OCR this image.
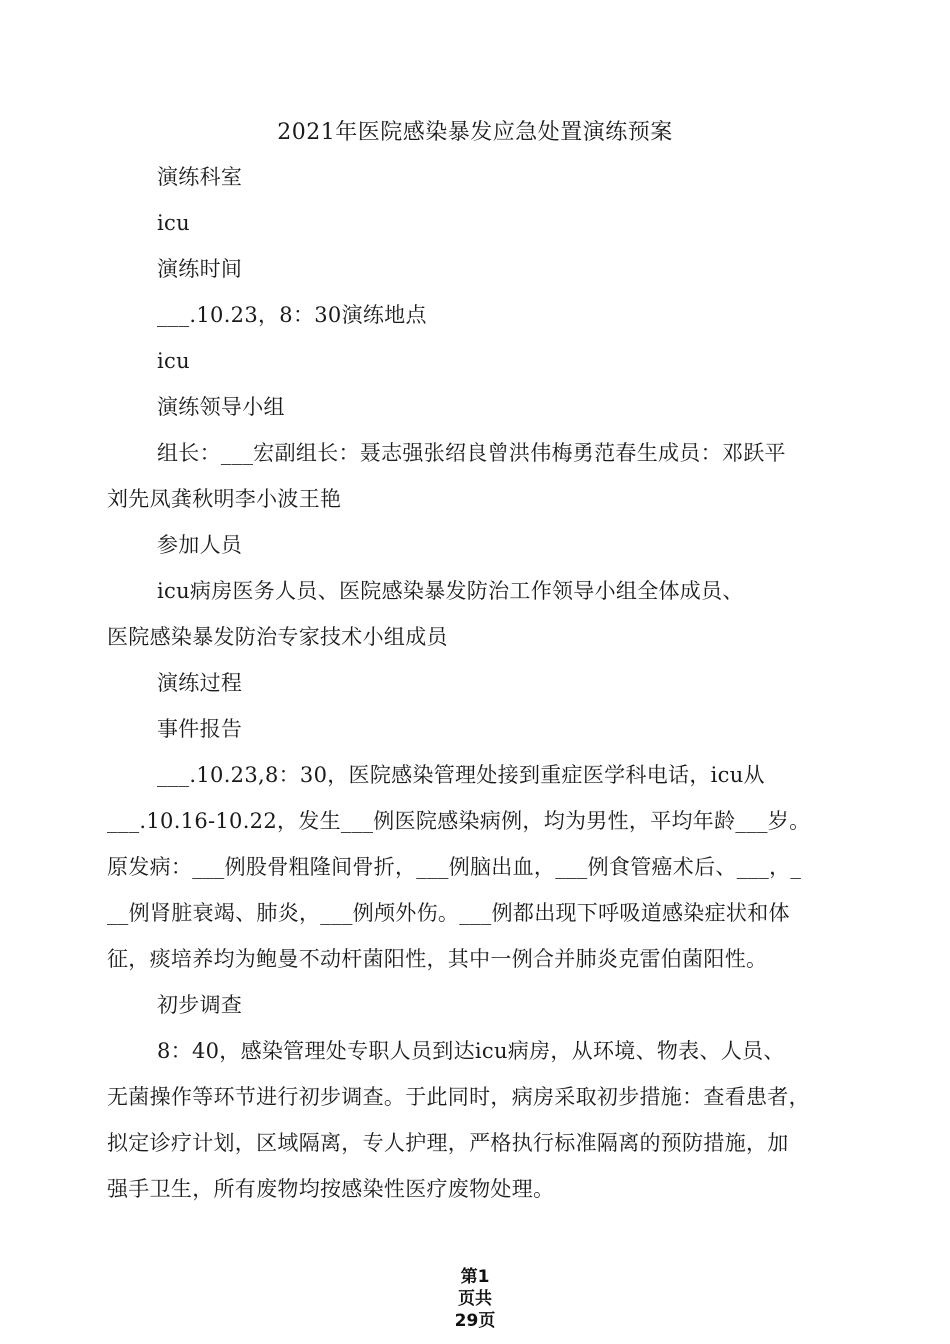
2021年医院感染暴发应急处置演练预案
演练科室
icu
演练时间
___.10.23，8：30演练地点
icu
演练领导小组
组长：___宏副组长：聂志强张绍良曾洪伟梅勇范春生成员：邓跃平
刘先凤龚秋明李小波王艳
参加人员
icu病房医务人员、医院感染暴发防治工作领导小组全体成员、
医院感染暴发防治专家技术小组成员
演练过程
事件报告
___.10.23,8：30，医院感染管理处接到重症医学科电话，icu从
___.10.16-10.22，发生___例医院感染病例，均为男性，平均年龄___岁。
原发病：___例股骨粗隆间骨折，___例脑出血，___例食管癌术后、___，_
__例肾脏衰竭、肺炎，___例颅外伤。___例都出现下呼吸道感染症状和体
征，痰培养均为鲍曼不动杆菌阳性，其中一例合并肺炎克雷伯菌阳性。
初步调查
8：40，感染管理处专职人员到达icu病房，从环境、物表、人员、
无菌操作等环节进行初步调查。于此同时，病房采取初步措施：查看患者，
拟定诊疗计划，区域隔离，专人护理，严格执行标准隔离的预防措施，加
强手卫生，所有废物均按感染性医疗废物处理。
第1
页共
29页
